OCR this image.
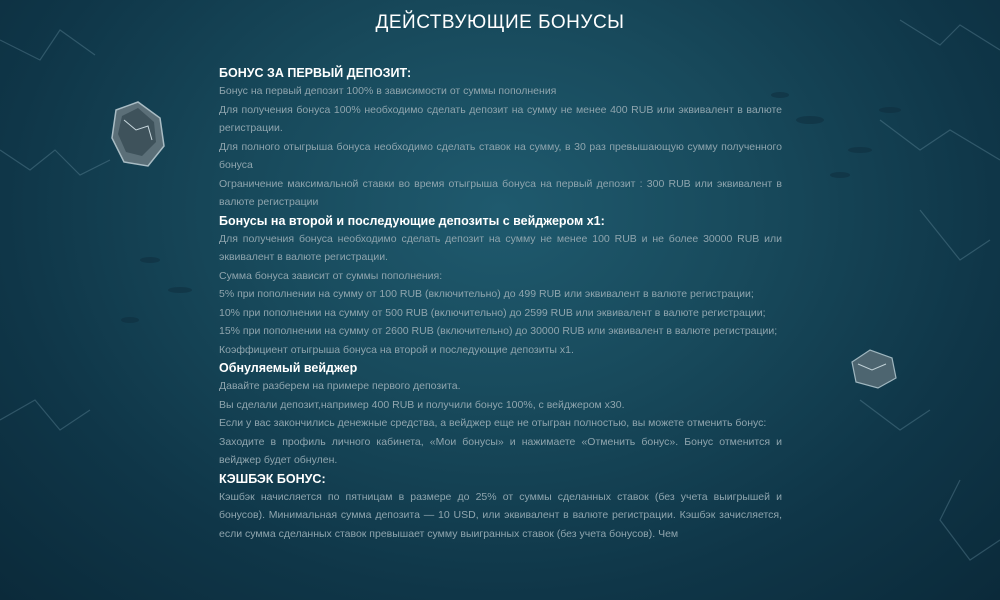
ДЕЙСТВУЮЩИЕ БОНУСЫ
БОНУС ЗА ПЕРВЫЙ ДЕПОЗИТ:

Бонус на первый депозит 100% в зависимости от суммы пополнения

Для получения бонуса 100% необходимо сделать депозит на сумму не менее 400 RUB или эквивалент в валюте регистрации.

Для полного отыгрыша бонуса необходимо сделать ставок на сумму, в 30 раз превышающую сумму полученного бонуса

Ограничение максимальной ставки во время отыгрыша бонуса на первый депозит : 300 RUB или эквивалент в валюте регистрации

Бонусы на второй и последующие депозиты с вейджером х1:

Для получения бонуса необходимо сделать депозит на сумму не менее 100 RUB и не более 30000 RUB или эквивалент в валюте регистрации.

Сумма бонуса зависит от суммы пополнения:

5% при пополнении на сумму от 100 RUB (включительно) до 499 RUB или эквивалент в валюте регистрации;

10% при пополнении на сумму от 500 RUB (включительно) до 2599 RUB или эквивалент в валюте регистрации;

15% при пополнении на сумму от 2600 RUB (включительно) до 30000 RUB или эквивалент в валюте регистрации;

Коэффициент отыгрыша бонуса на второй и последующие депозиты х1.

Обнуляемый вейджер

Давайте разберем на примере первого депозита.

Вы сделали депозит,например 400 RUB и получили бонус 100%, с вейджером х30.

Если у вас закончились денежные средства, а вейджер еще не отыгран полностью, вы можете отменить бонус:

Заходите в профиль личного кабинета, «Мои бонусы» и нажимаете «Отменить бонус». Бонус отменится и вейджер будет обнулен.

КЭШБЭК БОНУС:

Кэшбэк начисляется по пятницам в размере до 25% от суммы сделанных ставок (без учета выигрышей и бонусов). Минимальная сумма депозита — 10 USD, или эквивалент в валюте регистрации. Кэшбэк зачисляется, если сумма сделанных ставок превышает сумму выигранных ставок (без учета бонусов). Чем
